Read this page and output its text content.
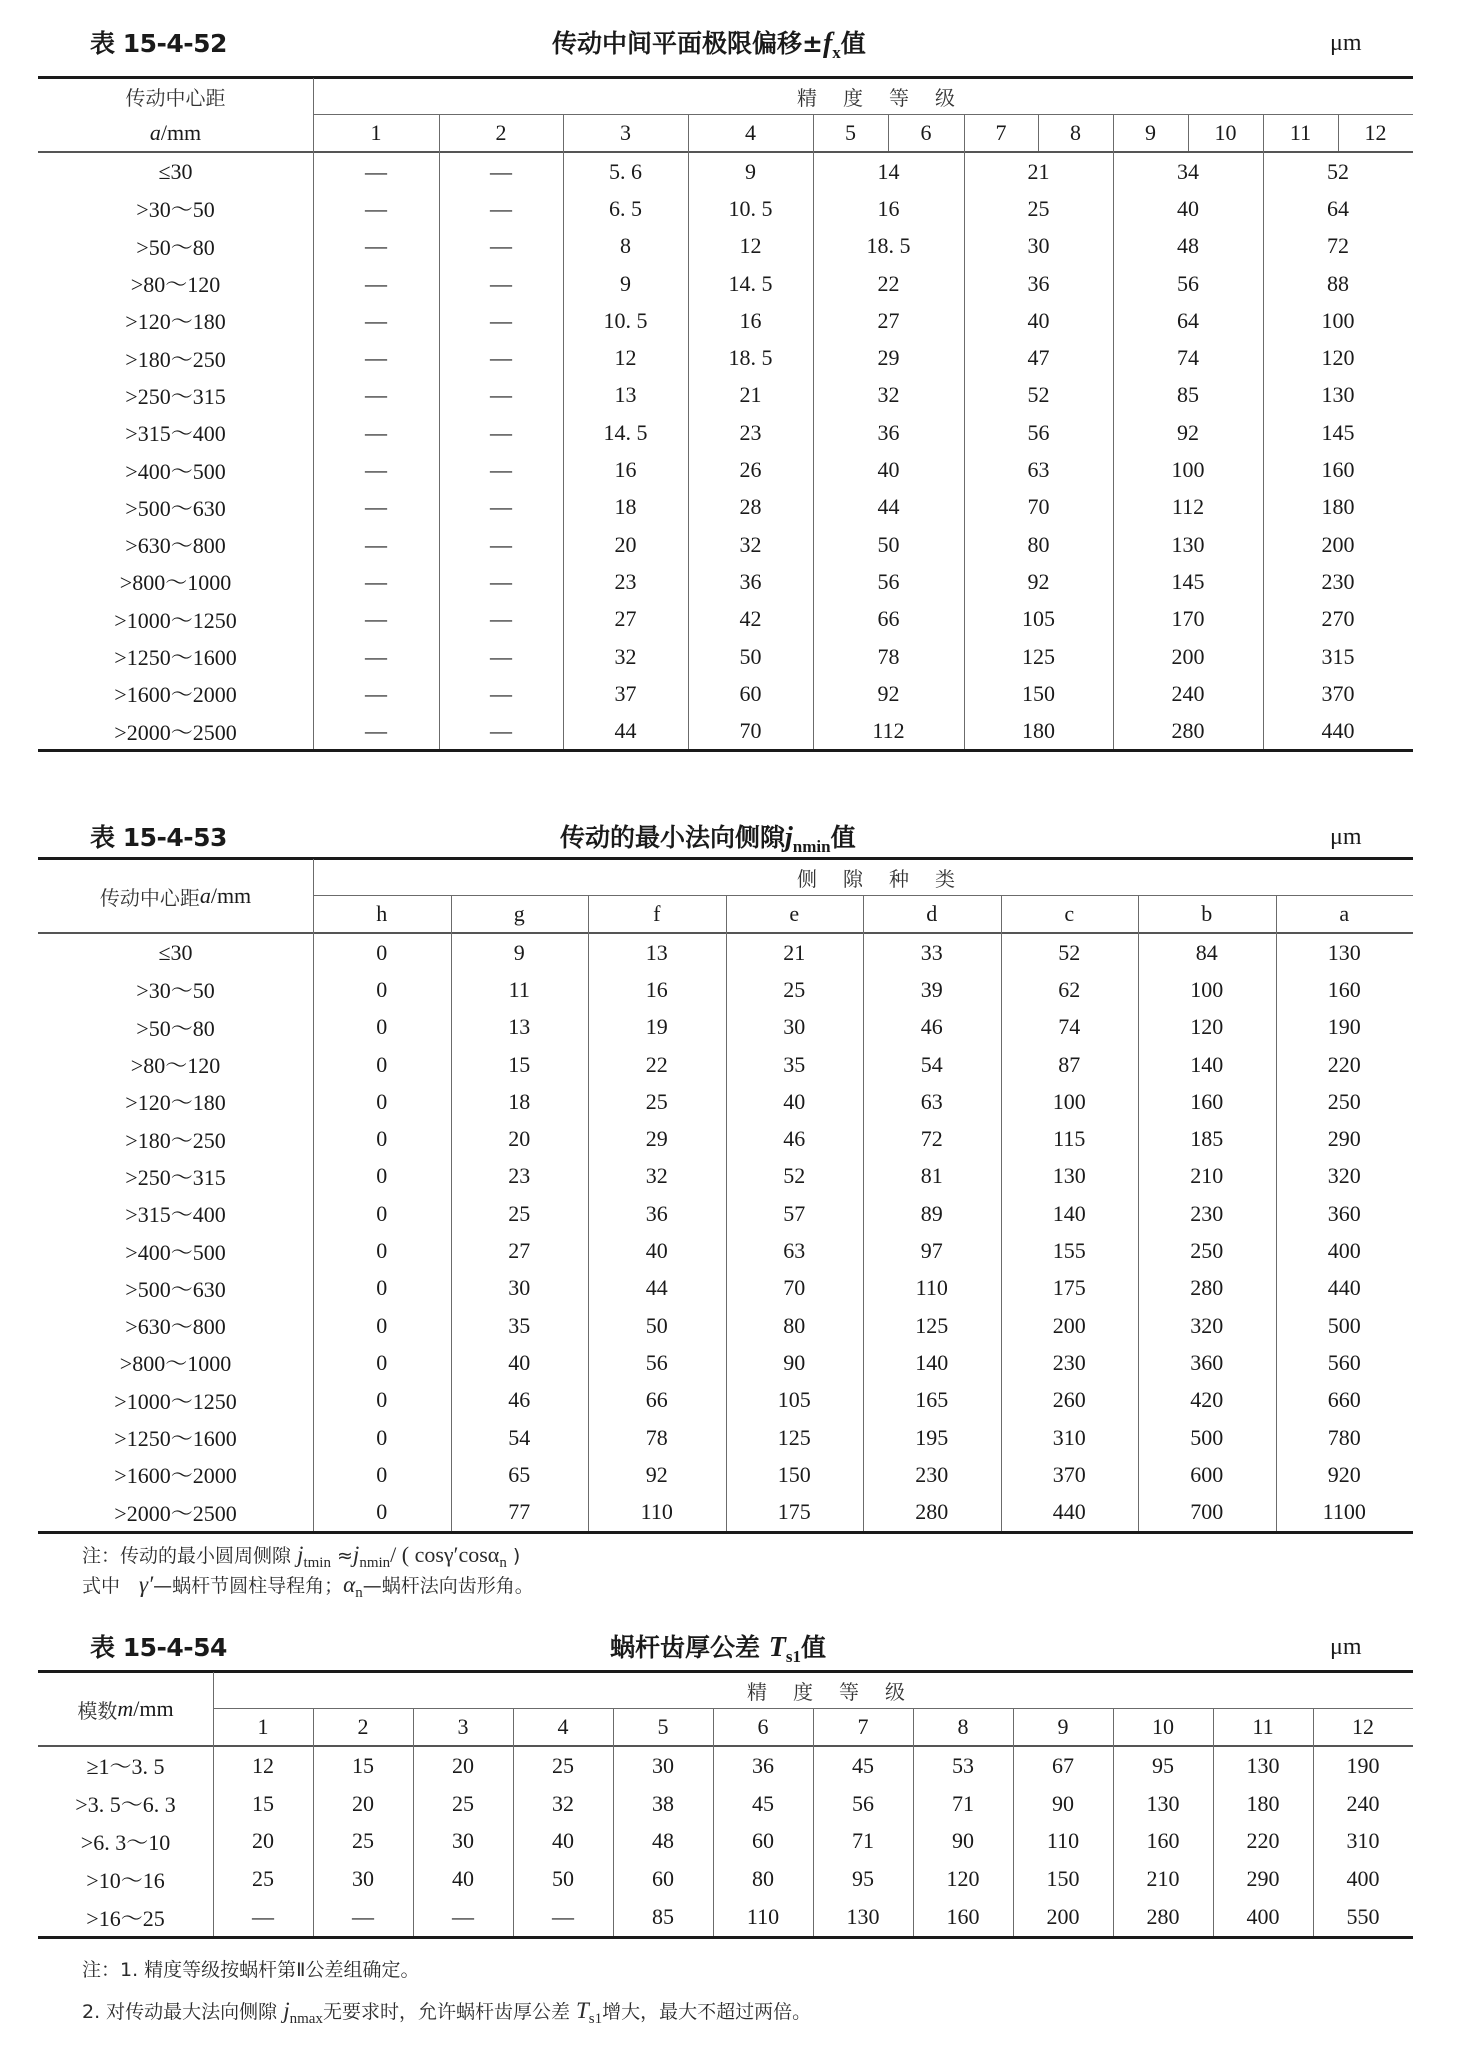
表 15-4-52	传动中间平面极限偏移$\pm f_x$值	μm
传动中心距
a /mm
精度等级
1	2	3	4	5	6	7	8	9	10	11	12
≤30	—	—	5. 6	9	14	21	34	52
>30～50	—	—	6. 5	10. 5	16	25	40	64
>50～80	—	—	8	12	18. 5	30	48	72
>80～120	—	—	9	14. 5	22	36	56	88
>120～180	—	—	10. 5	16	27	40	64	100
>180～250	—	—	12	18. 5	29	47	74	120
>250～315	—	—	13	21	32	52	85	130
>315～400	—	—	14. 5	23	36	56	92	145
>400～500	—	—	16	26	40	63	100	160
>500～630	—	—	18	28	44	70	112	180
>630～800	—	—	20	32	50	80	130	200
>800～1000	—	—	23	36	56	92	145	230
>1000～1250	—	—	27	42	66	105	170	270
>1250～1600	—	—	32	50	78	125	200	315
>1600～2000	—	—	37	60	92	150	240	370
>2000～2500	—	—	44	70	112	180	280	440
表 15-4-53	传动的最小法向侧隙$j_{nmin}$值	μm
传动中心距 a /mm
侧隙种类
h	g	f	e	d	c	b	a
≤30	0	9	13	21	33	52	84	130
>30～50	0	11	16	25	39	62	100	160
>50～80	0	13	19	30	46	74	120	190
>80～120	0	15	22	35	54	87	140	220
>120～180	0	18	25	40	63	100	160	250
>180～250	0	20	29	46	72	115	185	290
>250～315	0	23	32	52	81	130	210	320
>315～400	0	25	36	57	89	140	230	360
>400～500	0	27	40	63	97	155	250	400
>500～630	0	30	44	70	110	175	280	440
>630～800	0	35	50	80	125	200	320	500
>800～1000	0	40	56	90	140	230	360	560
>1000～1250	0	46	66	105	165	260	420	660
>1250～1600	0	54	78	125	195	310	500	780
>1600～2000	0	65	92	150	230	370	600	920
>2000～2500	0	77	110	175	280	440	700	1100
注：传动的最小圆周侧隙 $j_{tmin} \approx j_{nmin}/$ ( cosγ′cosα$_n$ )
式中　γ′—蜗杆节圆柱导程角；$\alpha_n—$蜗杆法向齿形角。
表 15-4-54	蜗杆齿厚公差 $T_{s1}$值	μm
模数 m /mm
精度等级
1	2	3	4	5	6	7	8	9	10	11	12
≥1～3. 5	12	15	20	25	30	36	45	53	67	95	130	190
>3. 5～6. 3	15	20	25	32	38	45	56	71	90	130	180	240
>6. 3～10	20	25	30	40	48	60	71	90	110	160	220	310
>10～16	25	30	40	50	60	80	95	120	150	210	290	400
>16～25	—	—	—	—	85	110	130	160	200	280	400	550
注：1. 精度等级按蜗杆第Ⅱ公差组确定。
2. 对传动最大法向侧隙 $j_{nmax}$无要求时，允许蜗杆齿厚公差 $T_{s1}$增大，最大不超过两倍。
